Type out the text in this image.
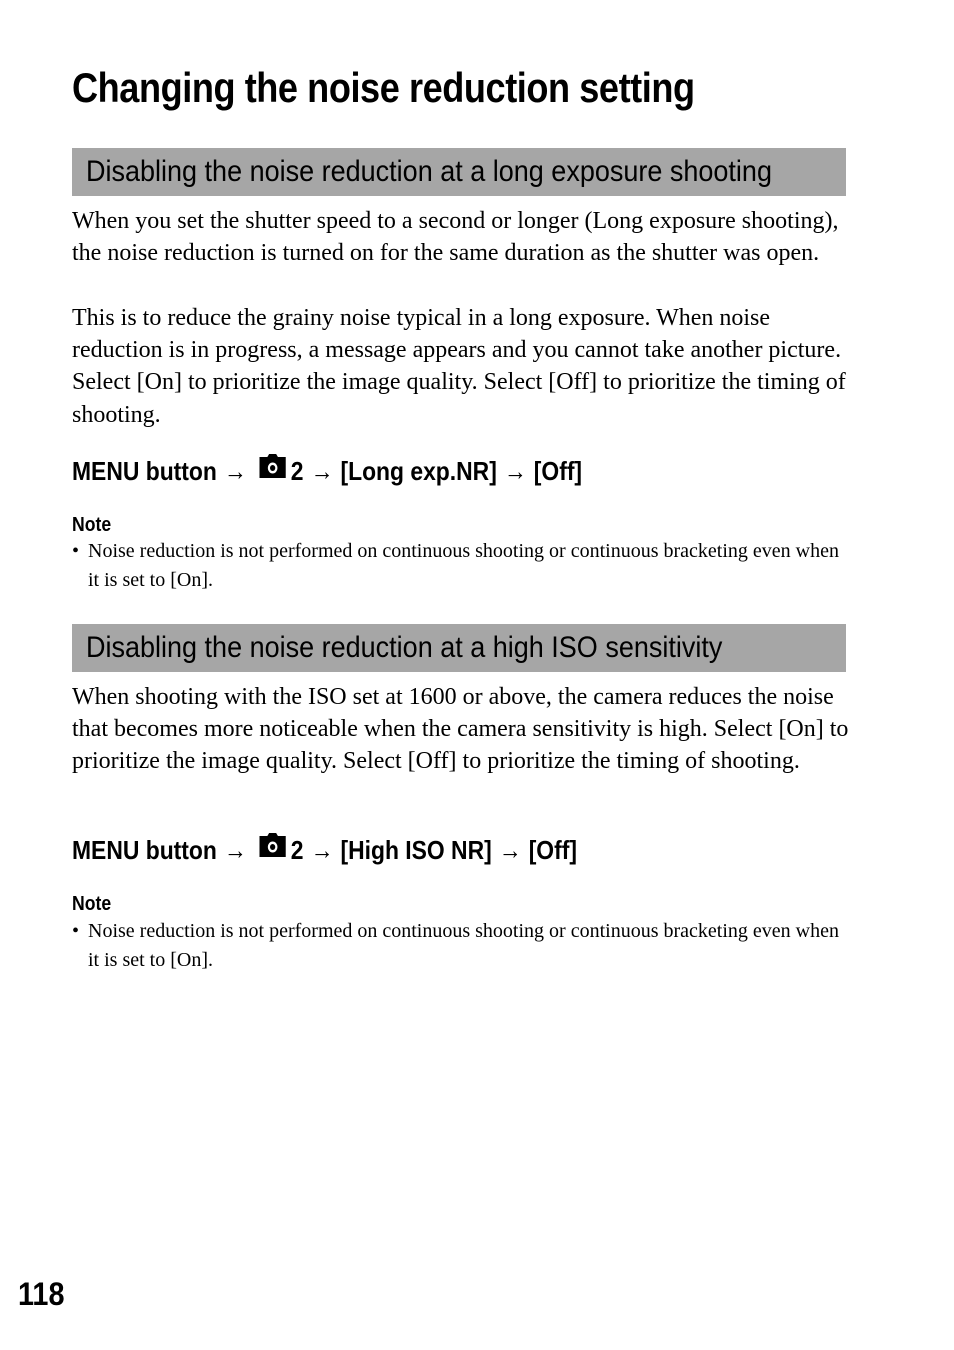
Changing the noise reduction setting
Disabling the noise reduction at a long exposure shooting

When you set the shutter speed to a second or longer (Long exposure shooting), the noise reduction is turned on for the same duration as the shutter was open.

This is to reduce the grainy noise typical in a long exposure. When noise reduction is in progress, a message appears and you cannot take another picture. Select [On] to prioritize the image quality. Select [Off] to prioritize the timing of shooting.

MENU button → 2 → [Long exp.NR] → [Off]

Note

• Noise reduction is not performed on continuous shooting or continuous bracketing even when it is set to [On].

Disabling the noise reduction at a high ISO sensitivity

When shooting with the ISO set at 1600 or above, the camera reduces the noise that becomes more noticeable when the camera sensitivity is high. Select [On] to prioritize the image quality. Select [Off] to prioritize the timing of shooting.

MENU button → 2 → [High ISO NR] → [Off]

Note

• Noise reduction is not performed on continuous shooting or continuous bracketing even when it is set to [On].

118
